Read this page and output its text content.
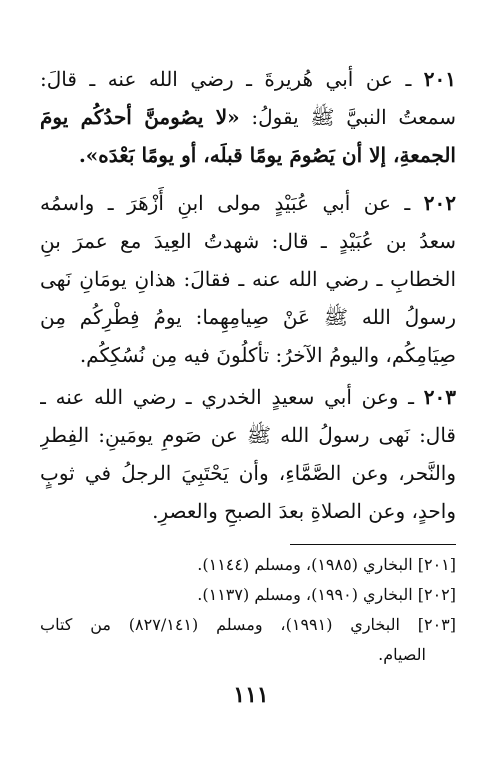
٢٠١ ـ عن أبي هُريرةَ ـ رضي الله عنه ـ قالَ:
سمعتُ النبيَّ ﷺ يقولُ: «لا يصُومنَّ أحدُكُم يومَ
الجمعةِ، إلا أن يَصُومَ يومًا قبلَه، أو يومًا بَعْدَه».
٢٠٢ ـ عن أبي عُبَيْدٍ مولى ابنِ أَزْهَرَ ـ واسمُه
سعدُ بن عُبَيْدٍ ـ قال: شهدتُ العِيدَ مع عمرَ بنِ
الخطابِ ـ رضي الله عنه ـ فقالَ: هذانِ يومَانِ نَهى
رسولُ الله ﷺ عَنْ صِيامِهِما: يومُ فِطْرِكُم مِن
صِيَامِكُم، واليومُ الآخرُ: تأكلُونَ فيه مِن نُسُكِكُم.
٢٠٣ ـ وعن أبي سعيدٍ الخدري ـ رضي الله عنه ـ
قال: نَهى رسولُ الله ﷺ عن صَومِ يومَينِ: الفِطرِ
والنَّحر، وعن الصَّمَّاءِ، وأن يَحْتَبِيَ الرجلُ في ثوبٍ
واحدٍ، وعن الصلاةِ بعدَ الصبحِ والعصرِ.
[٢٠١] البخاري (١٩٨٥)، ومسلم (١١٤٤).
[٢٠٢] البخاري (١٩٩٠)، ومسلم (١١٣٧).
[٢٠٣] البخاري (١٩٩١)، ومسلم (٨٢٧/١٤١) من كتاب
الصيام.
١١١
